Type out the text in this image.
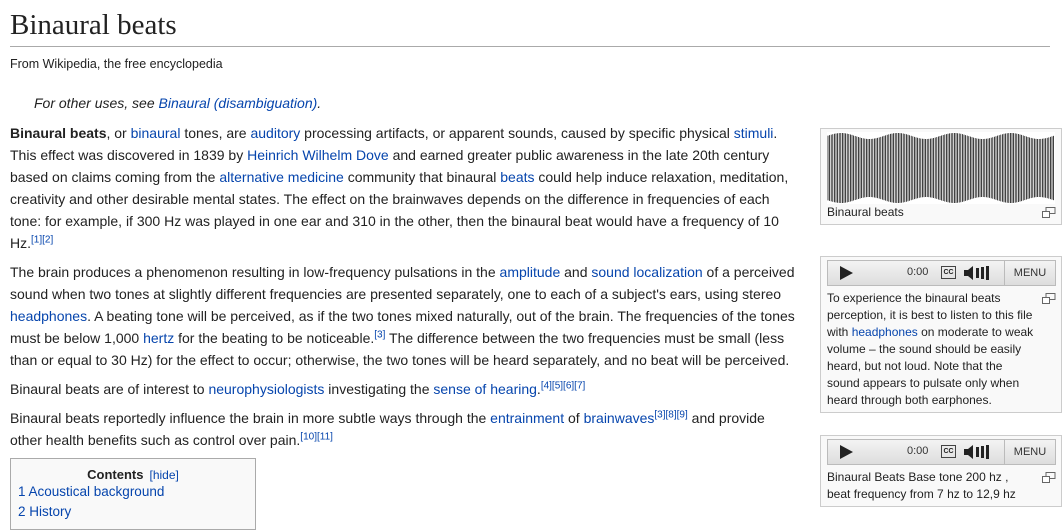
Binaural beats
From Wikipedia, the free encyclopedia
For other uses, see Binaural (disambiguation).

Binaural beats, or binaural tones, are auditory processing artifacts, or apparent sounds, caused by specific physical stimuli. This effect was discovered in 1839 by Heinrich Wilhelm Dove and earned greater public awareness in the late 20th century based on claims coming from the alternative medicine community that binaural beats could help induce relaxation, meditation, creativity and other desirable mental states. The effect on the brainwaves depends on the difference in frequencies of each tone: for example, if 300 Hz was played in one ear and 310 in the other, then the binaural beat would have a frequency of 10 Hz.[1][2]

The brain produces a phenomenon resulting in low-frequency pulsations in the amplitude and sound localization of a perceived sound when two tones at slightly different frequencies are presented separately, one to each of a subject's ears, using stereo headphones. A beating tone will be perceived, as if the two tones mixed naturally, out of the brain. The frequencies of the tones must be below 1,000 hertz for the beating to be noticeable.[3] The difference between the two frequencies must be small (less than or equal to 30 Hz) for the effect to occur; otherwise, the two tones will be heard separately, and no beat will be perceived.

Binaural beats are of interest to neurophysiologists investigating the sense of hearing.[4][5][6][7]

Binaural beats reportedly influence the brain in more subtle ways through the entrainment of brainwaves[3][8][9] and provide other health benefits such as control over pain.[10][11]

Contents [hide]
1 Acoustical background
2 History
Binaural beats
0:00	CC	MENU
To experience the binaural beats perception, it is best to listen to this file with headphones on moderate to weak volume – the sound should be easily heard, but not loud. Note that the sound appears to pulsate only when heard through both earphones.
0:00	CC	MENU
Binaural Beats Base tone 200 hz , beat frequency from 7 hz to 12,9 hz
